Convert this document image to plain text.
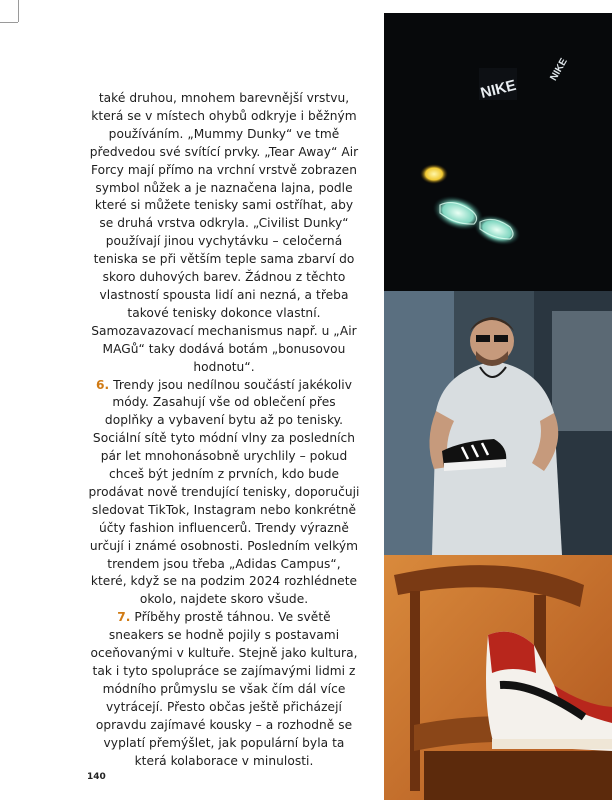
také druhou, mnohem barevnější vrstvu, která se v místech ohybů odkryje i běžným používáním. „Mummy Dunky“ ve tmě předvedou své svítící prvky. „Tear Away“ Air Forcy mají přímo na vrchní vrstvě zobrazen symbol nůžek a je naznačena lajna, podle které si můžete tenisky sami ostříhat, aby se druhá vrstva odkryla. „Civilist Dunky“ používají jinou vychytávku – celočerná teniska se při větším teple sama zbarví do skoro duhových barev. Žádnou z těchto vlastností spousta lidí ani nezná, a třeba takové tenisky dokonce vlastní. Samozavazovací mechanismus např. u „Air MAGů“ taky dodává botám „bonusovou hodnotu“.

6. Trendy jsou nedílnou součástí jakékoliv módy. Zasahují vše od oblečení přes doplňky a vybavení bytu až po tenisky. Sociální sítě tyto módní vlny za posledních pár let mnohonásobně urychlily – pokud chceš být jedním z prvních, kdo bude prodávat nově trendující tenisky, doporučuji sledovat TikTok, Instagram nebo konkrétně účty fashion influencerů. Trendy výrazně určují i známé osobnosti. Posledním velkým trendem jsou třeba „Adidas Campus“, které, když se na podzim 2024 rozhlédnete okolo, najdete skoro všude.

7. Příběhy prostě táhnou. Ve světě sneakers se hodně pojily s postavami oceňovanými v kultuře. Stejně jako kultura, tak i tyto spolupráce se zajímavými lidmi z módního průmyslu se však čím dál více vytrácejí. Přesto občas ještě přicházejí opravdu zajímavé kousky – a rozhodně se vyplatí přemýšlet, jak populární byla ta která kolaborace v minulosti.

140
NIKE
NIKE
